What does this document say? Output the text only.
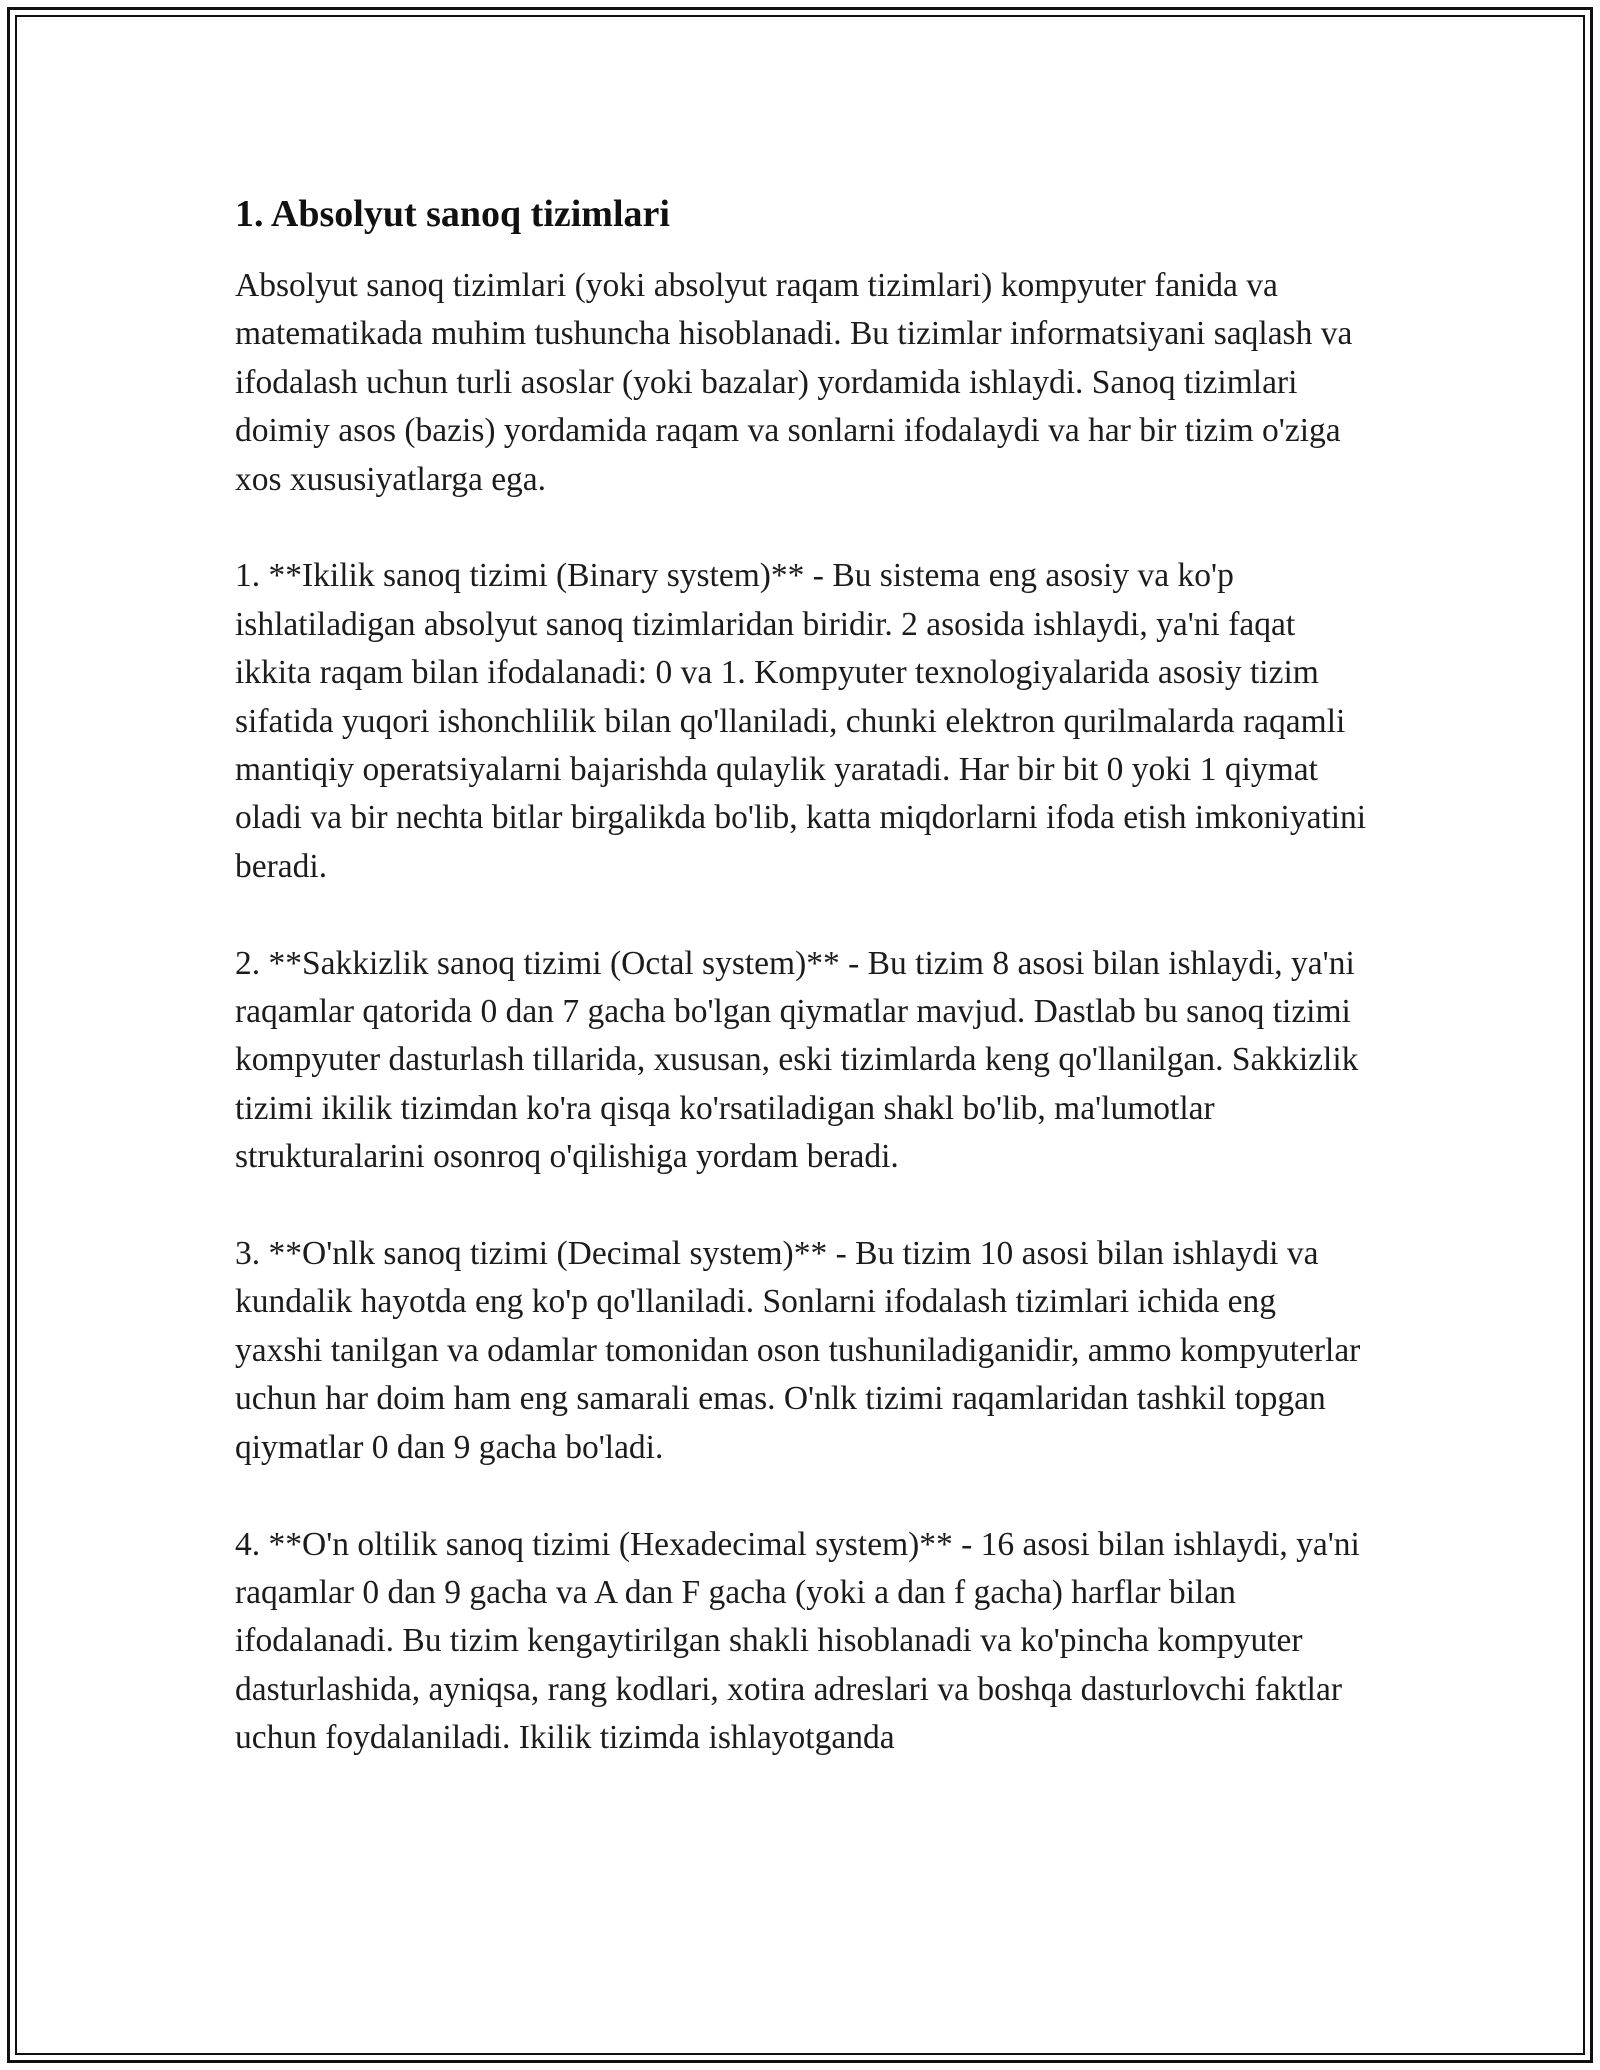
1. Absolyut sanoq tizimlari

Absolyut sanoq tizimlari (yoki absolyut raqam tizimlari) kompyuter fanida va matematikada muhim tushuncha hisoblanadi. Bu tizimlar informatsiyani saqlash va ifodalash uchun turli asoslar (yoki bazalar) yordamida ishlaydi. Sanoq tizimlari doimiy asos (bazis) yordamida raqam va sonlarni ifodalaydi va har bir tizim o'ziga xos xususiyatlarga ega.

1. **Ikilik sanoq tizimi (Binary system)** - Bu sistema eng asosiy va ko'p ishlatiladigan absolyut sanoq tizimlaridan biridir. 2 asosida ishlaydi, ya'ni faqat ikkita raqam bilan ifodalanadi: 0 va 1. Kompyuter texnologiyalarida asosiy tizim sifatida yuqori ishonchlilik bilan qo'llaniladi, chunki elektron qurilmalarda raqamli mantiqiy operatsiyalarni bajarishda qulaylik yaratadi. Har bir bit 0 yoki 1 qiymat oladi va bir nechta bitlar birgalikda bo'lib, katta miqdorlarni ifoda etish imkoniyatini beradi.

2. **Sakkizlik sanoq tizimi (Octal system)** - Bu tizim 8 asosi bilan ishlaydi, ya'ni raqamlar qatorida 0 dan 7 gacha bo'lgan qiymatlar mavjud. Dastlab bu sanoq tizimi kompyuter dasturlash tillarida, xususan, eski tizimlarda keng qo'llanilgan. Sakkizlik tizimi ikilik tizimdan ko'ra qisqa ko'rsatiladigan shakl bo'lib, ma'lumotlar strukturalarini osonroq o'qilishiga yordam beradi.

3. **O'nlk sanoq tizimi (Decimal system)** - Bu tizim 10 asosi bilan ishlaydi va kundalik hayotda eng ko'p qo'llaniladi. Sonlarni ifodalash tizimlari ichida eng yaxshi tanilgan va odamlar tomonidan oson tushuniladiganidir, ammo kompyuterlar uchun har doim ham eng samarali emas. O'nlk tizimi raqamlaridan tashkil topgan qiymatlar 0 dan 9 gacha bo'ladi.

4. **O'n oltilik sanoq tizimi (Hexadecimal system)** - 16 asosi bilan ishlaydi, ya'ni raqamlar 0 dan 9 gacha va A dan F gacha (yoki a dan f gacha) harflar bilan ifodalanadi. Bu tizim kengaytirilgan shakli hisoblanadi va ko'pincha kompyuter dasturlashida, ayniqsa, rang kodlari, xotira adreslari va boshqa dasturlovchi faktlar uchun foydalaniladi. Ikilik tizimda ishlayotganda
